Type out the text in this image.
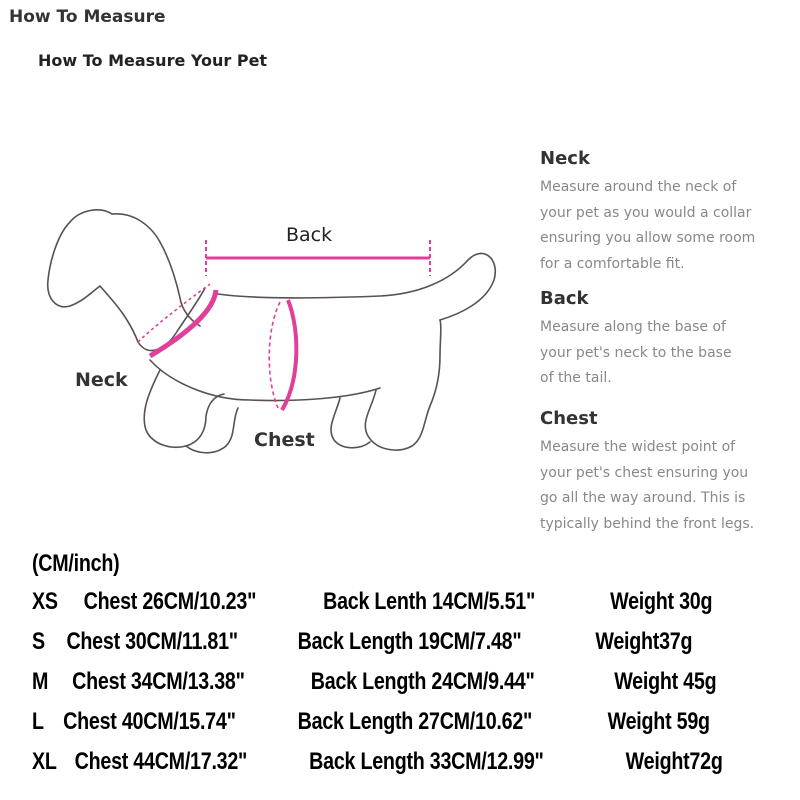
How To Measure
How To Measure Your Pet
Back
Neck
Chest
Neck

Measure around the neck of
your pet as you would a collar
ensuring you allow some room
for a comfortable fit.

Back

Measure along the base of
your pet's neck to the base
of the tail.

Chest

Measure the widest point of
your pet's chest ensuring you
go all the way around. This is
typically behind the front legs.

(CM/inch)
XS Chest 26CM/10.23"	Back Lenth 14CM/5.51"	Weight 30g
S Chest 30CM/11.81" Back Length 19CM/7.48"	Weight37g
M Chest 34CM/13.38"	Back Length 24CM/9.44"	Weight 45g
L Chest 40CM/15.74"	Back Length 27CM/10.62"	Weight 59g
XL Chest 44CM/17.32"	Back Length 33CM/12.99"	Weight72g
